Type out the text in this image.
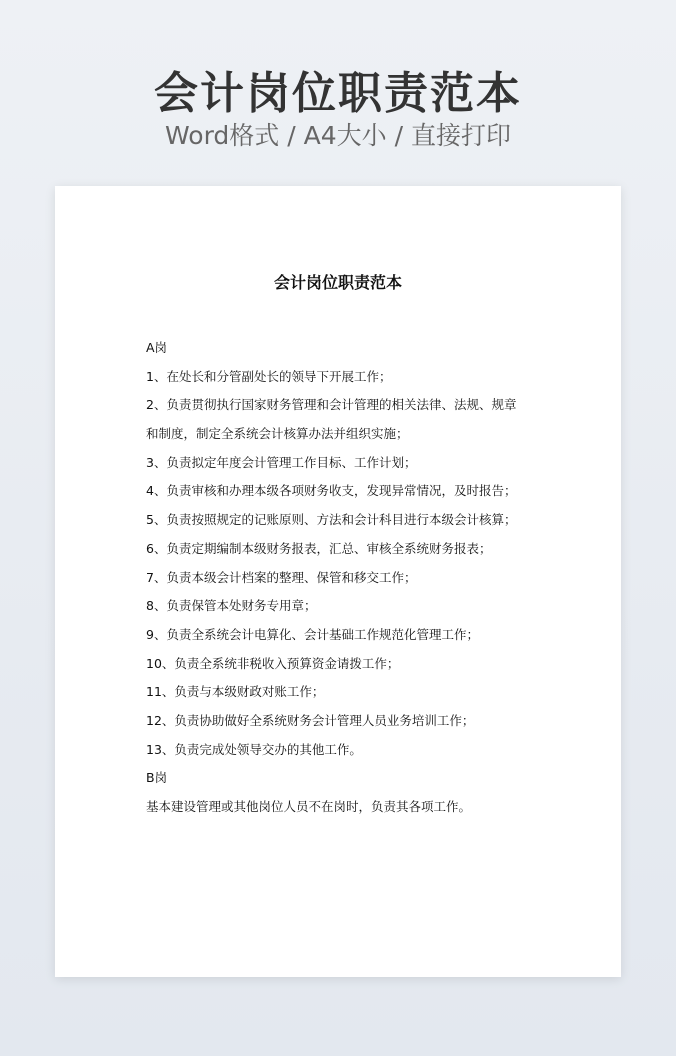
会计岗位职责范本
Word格式 / A4大小 / 直接打印
会计岗位职责范本
A岗
1、在处长和分管副处长的领导下开展工作；
2、负责贯彻执行国家财务管理和会计管理的相关法律、法规、规章
和制度，制定全系统会计核算办法并组织实施；
3、负责拟定年度会计管理工作目标、工作计划；
4、负责审核和办理本级各项财务收支，发现异常情况，及时报告；
5、负责按照规定的记账原则、方法和会计科目进行本级会计核算；
6、负责定期编制本级财务报表，汇总、审核全系统财务报表；
7、负责本级会计档案的整理、保管和移交工作；
8、负责保管本处财务专用章；
9、负责全系统会计电算化、会计基础工作规范化管理工作；
10、负责全系统非税收入预算资金请拨工作；
11、负责与本级财政对账工作；
12、负责协助做好全系统财务会计管理人员业务培训工作；
13、负责完成处领导交办的其他工作。
B岗
基本建设管理或其他岗位人员不在岗时，负责其各项工作。
